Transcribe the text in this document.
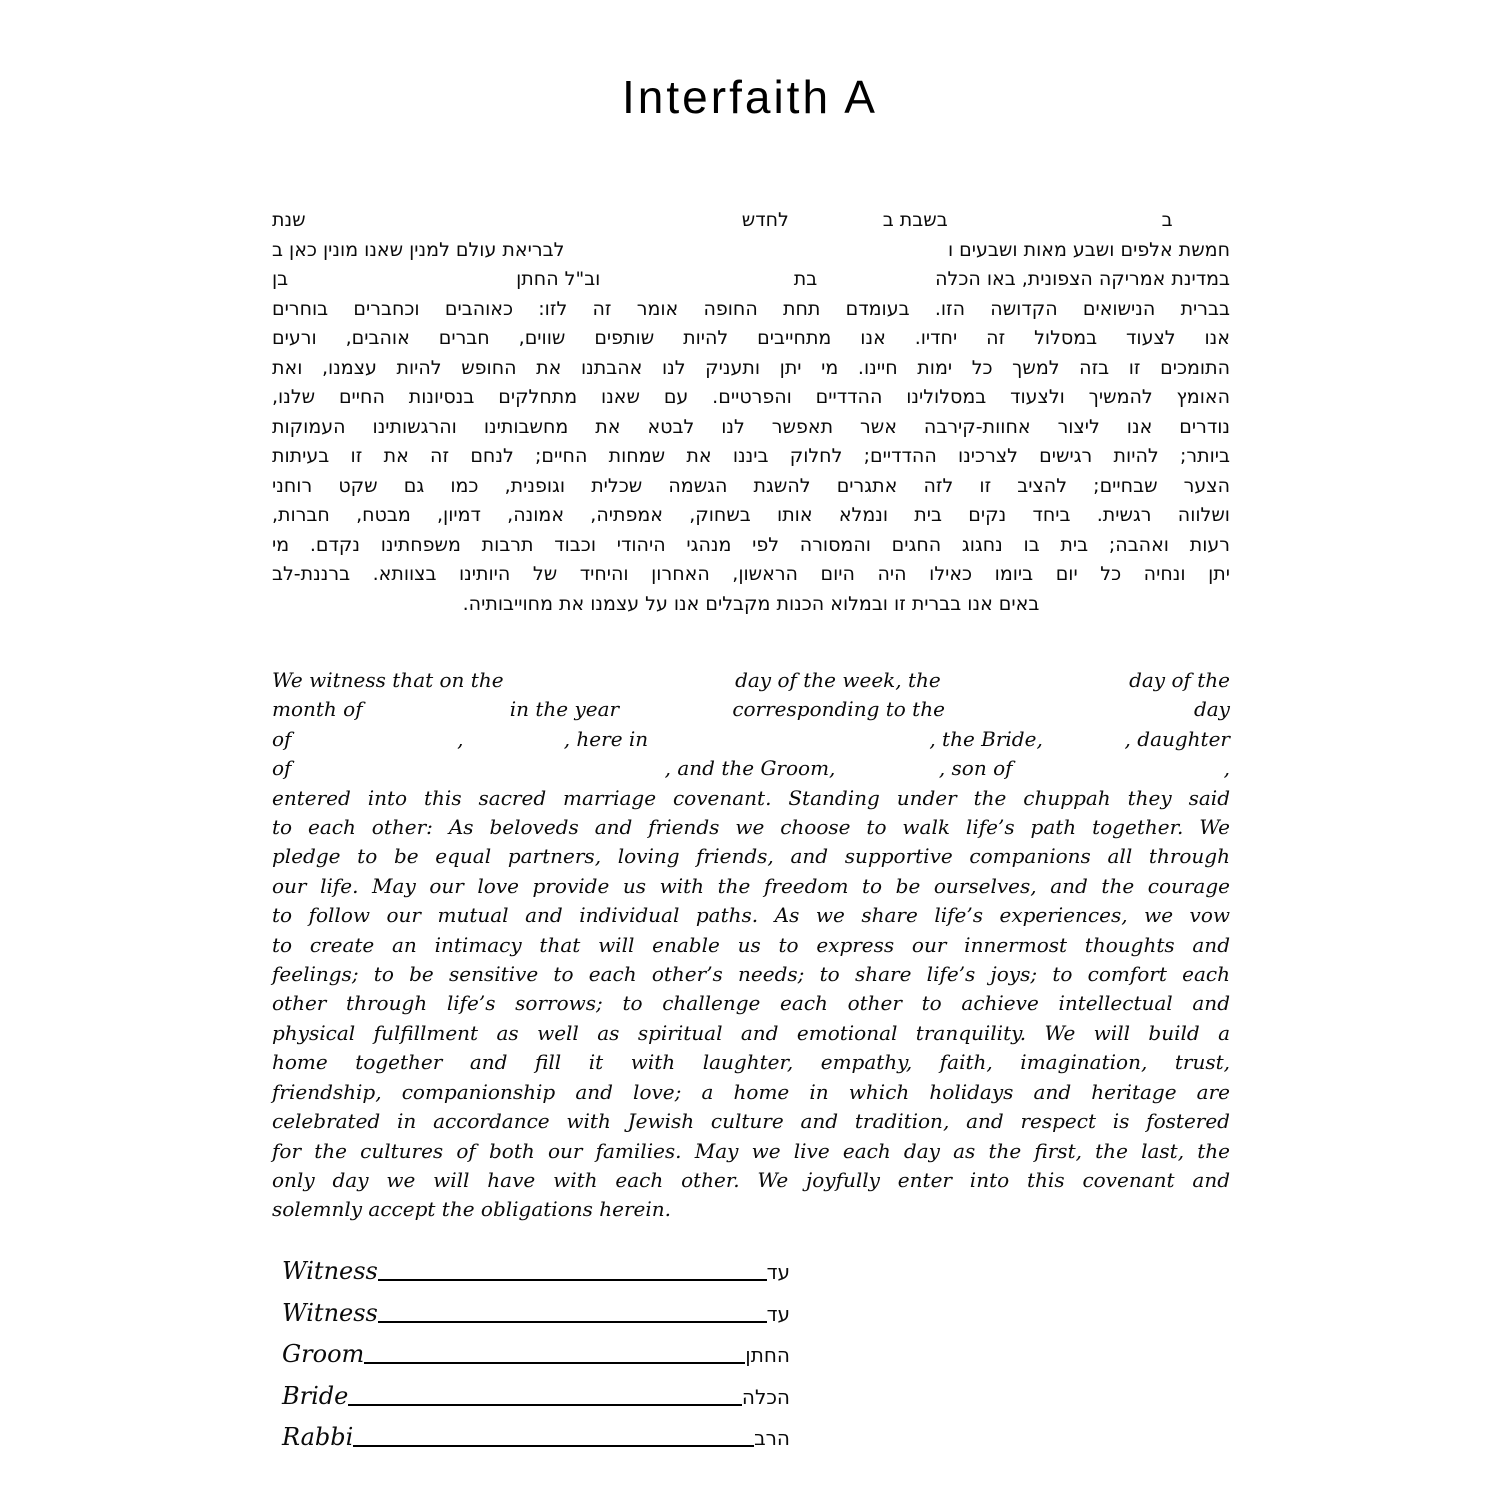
Interfaith A
ב
בשבת ב
לחדש
שנת
חמשת אלפים ושבע מאות ושבעים ו
לבריאת עולם למנין שאנו מונין כאן ב
במדינת אמריקה הצפונית, באו הכלה
בת
וב"ל החתן
בן
בברית הנישואים הקדושה הזו. בעומדם תחת החופה אומר זה לזו: כאוהבים וכחברים בוחרים
אנו לצעוד במסלול זה יחדיו. אנו מתחייבים להיות שותפים שווים, חברים אוהבים, ורעים
התומכים זו בזה למשך כל ימות חיינו. מי יתן ותעניק לנו אהבתנו את החופש להיות עצמנו, ואת
האומץ להמשיך ולצעוד במסלולינו ההדדיים והפרטיים. עם שאנו מתחלקים בנסיונות החיים שלנו,
נודרים אנו ליצור אחוות-קירבה אשר תאפשר לנו לבטא את מחשבותינו והרגשותינו העמוקות
ביותר; להיות רגישים לצרכינו ההדדיים; לחלוק ביננו את שמחות החיים; לנחם זה את זו בעיתות
הצער שבחיים; להציב זו לזה אתגרים להשגת הגשמה שכלית וגופנית, כמו גם שקט רוחני
ושלווה רגשית. ביחד נקים בית ונמלא אותו בשחוק, אמפתיה, אמונה, דמיון, מבטח, חברות,
רעות ואהבה; בית בו נחגוג החגים והמסורה לפי מנהגי היהודי וכבוד תרבות משפחתינו נקדם. מי
יתן ונחיה כל יום ביומו כאילו היה היום הראשון, האחרון והיחיד של היותינו בצוותא. ברננת-לב
באים אנו בברית זו ובמלוא הכנות מקבלים אנו על עצמנו את מחוייבותיה.
We witness that on the	day of the week, the	day of the
month of	in the year	corresponding to the	day
of	,	, here in	, the Bride,	, daughter
of	, and the Groom,	, son of	,
entered into this sacred marriage covenant. Standing under the chuppah they said
to each other: As beloveds and friends we choose to walk life’s path together. We
pledge to be equal partners, loving friends, and supportive companions all through
our life. May our love provide us with the freedom to be ourselves, and the courage
to follow our mutual and individual paths. As we share life’s experiences, we vow
to create an intimacy that will enable us to express our innermost thoughts and
feelings; to be sensitive to each other’s needs; to share life’s joys; to comfort each
other through life’s sorrows; to challenge each other to achieve intellectual and
physical fulfillment as well as spiritual and emotional tranquility. We will build a
home together and fill it with laughter, empathy, faith, imagination, trust,
friendship, companionship and love; a home in which holidays and heritage are
celebrated in accordance with Jewish culture and tradition, and respect is fostered
for the cultures of both our families. May we live each day as the first, the last, the
only day we will have with each other. We joyfully enter into this covenant and
solemnly accept the obligations herein.
Witness	עד
Witness	עד
Groom	החתן
Bride	הכלה
Rabbi	הרב
